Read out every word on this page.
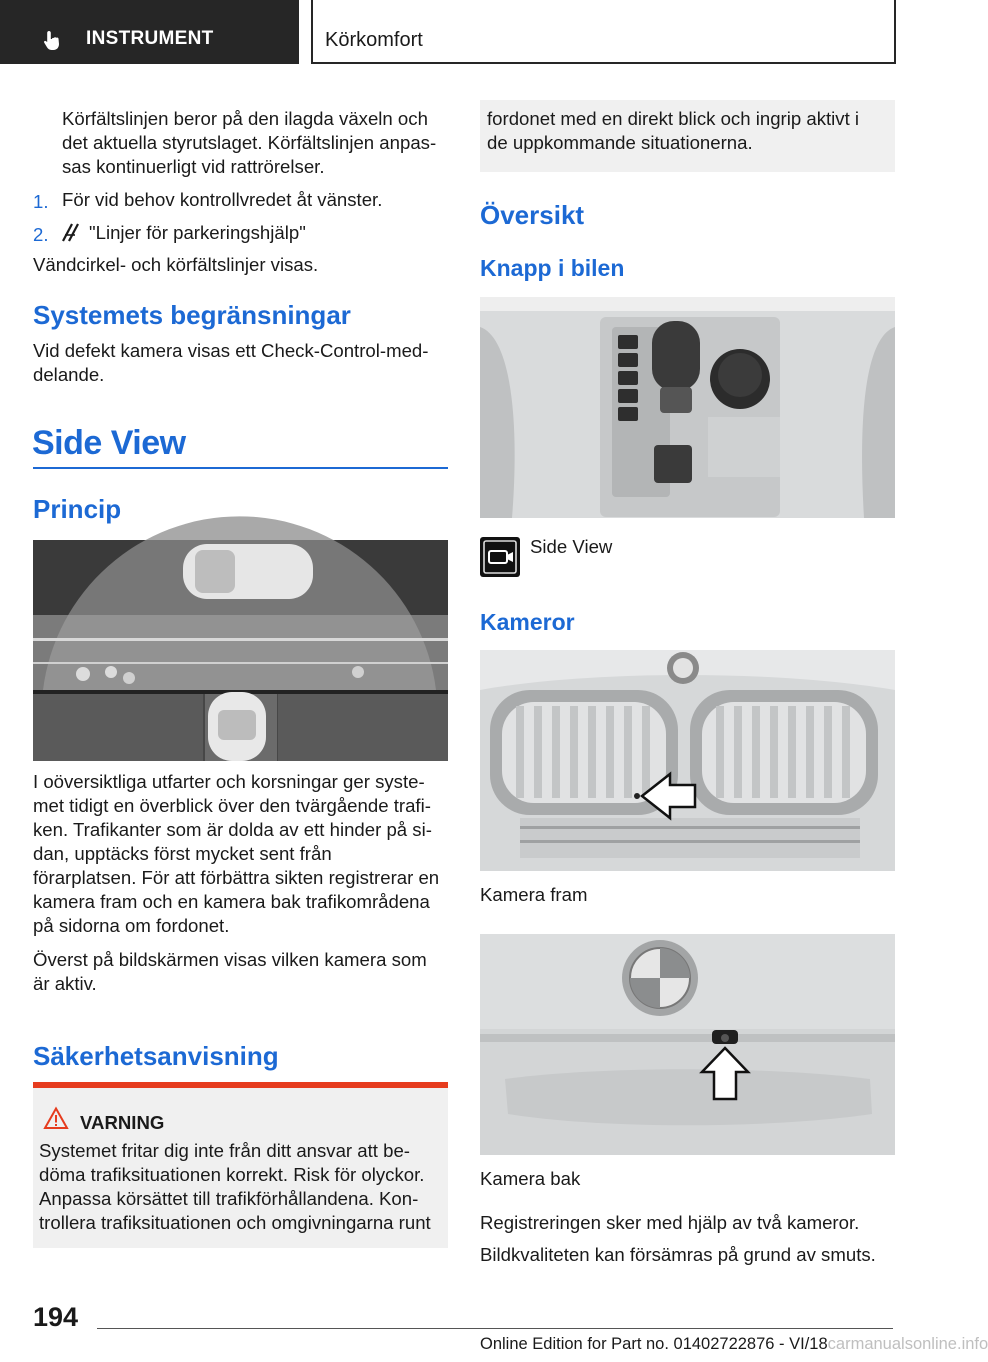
INSTRUMENT	Körkomfort
Körfältslinjen beror på den ilagda växeln och
det aktuella styrutslaget. Körfältslinjen anpas‐
sas kontinuerligt vid rattrörelser.
1. För vid behov kontrollvredet åt vänster.
2. "Linjer för parkeringshjälp"
Vändcirkel- och körfältslinjer visas.
Systemets begränsningar
Vid defekt kamera visas ett Check-Control-med‐
delande.
Side View
Princip
I oöversiktliga utfarter och korsningar ger syste‐
met tidigt en överblick över den tvärgående trafi‐
ken. Trafikanter som är dolda av ett hinder på si‐
dan, upptäcks först mycket sent från
förarplatsen. För att förbättra sikten registrerar en
kamera fram och en kamera bak trafikområdena
på sidorna om fordonet.
Överst på bildskärmen visas vilken kamera som
är aktiv.
Säkerhetsanvisning
VARNING
Systemet fritar dig inte från ditt ansvar att be‐
döma trafiksituationen korrekt. Risk för olyckor.
Anpassa körsättet till trafikförhållandena. Kon‐
trollera trafiksituationen och omgivningarna runt
fordonet med en direkt blick och ingrip aktivt i
de uppkommande situationerna.
Översikt
Knapp i bilen
Side View
Kameror
Kamera fram
Kamera bak
Registreringen sker med hjälp av två kameror.
Bildkvaliteten kan försämras på grund av smuts.
194
Online Edition for Part no. 01402722876 - VI/18carmanualsonline.info
